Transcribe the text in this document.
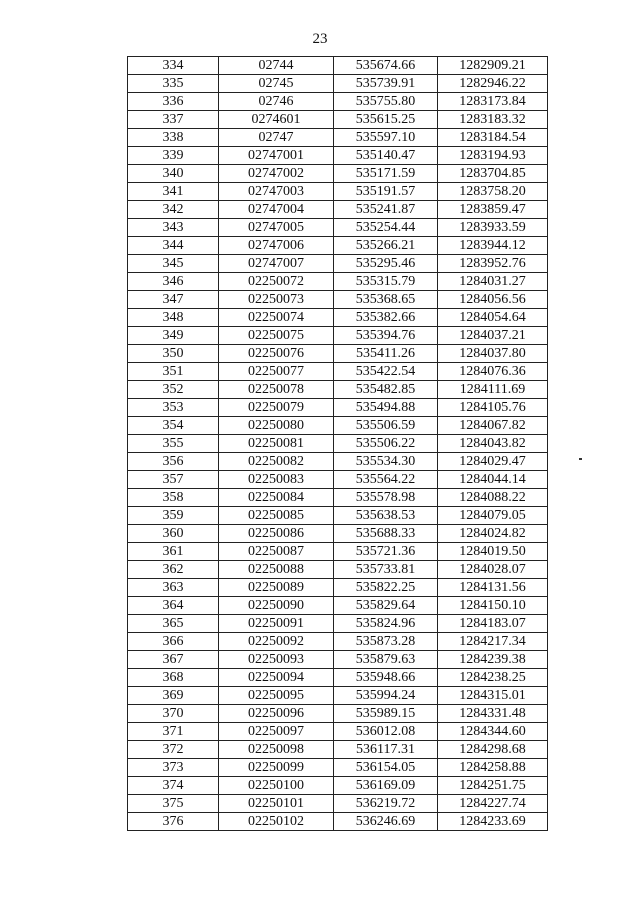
23
334	02744	535674.66	1282909.21
335	02745	535739.91	1282946.22
336	02746	535755.80	1283173.84
337	0274601	535615.25	1283183.32
338	02747	535597.10	1283184.54
339	02747001	535140.47	1283194.93
340	02747002	535171.59	1283704.85
341	02747003	535191.57	1283758.20
342	02747004	535241.87	1283859.47
343	02747005	535254.44	1283933.59
344	02747006	535266.21	1283944.12
345	02747007	535295.46	1283952.76
346	02250072	535315.79	1284031.27
347	02250073	535368.65	1284056.56
348	02250074	535382.66	1284054.64
349	02250075	535394.76	1284037.21
350	02250076	535411.26	1284037.80
351	02250077	535422.54	1284076.36
352	02250078	535482.85	1284111.69
353	02250079	535494.88	1284105.76
354	02250080	535506.59	1284067.82
355	02250081	535506.22	1284043.82
356	02250082	535534.30	1284029.47
357	02250083	535564.22	1284044.14
358	02250084	535578.98	1284088.22
359	02250085	535638.53	1284079.05
360	02250086	535688.33	1284024.82
361	02250087	535721.36	1284019.50
362	02250088	535733.81	1284028.07
363	02250089	535822.25	1284131.56
364	02250090	535829.64	1284150.10
365	02250091	535824.96	1284183.07
366	02250092	535873.28	1284217.34
367	02250093	535879.63	1284239.38
368	02250094	535948.66	1284238.25
369	02250095	535994.24	1284315.01
370	02250096	535989.15	1284331.48
371	02250097	536012.08	1284344.60
372	02250098	536117.31	1284298.68
373	02250099	536154.05	1284258.88
374	02250100	536169.09	1284251.75
375	02250101	536219.72	1284227.74
376	02250102	536246.69	1284233.69
